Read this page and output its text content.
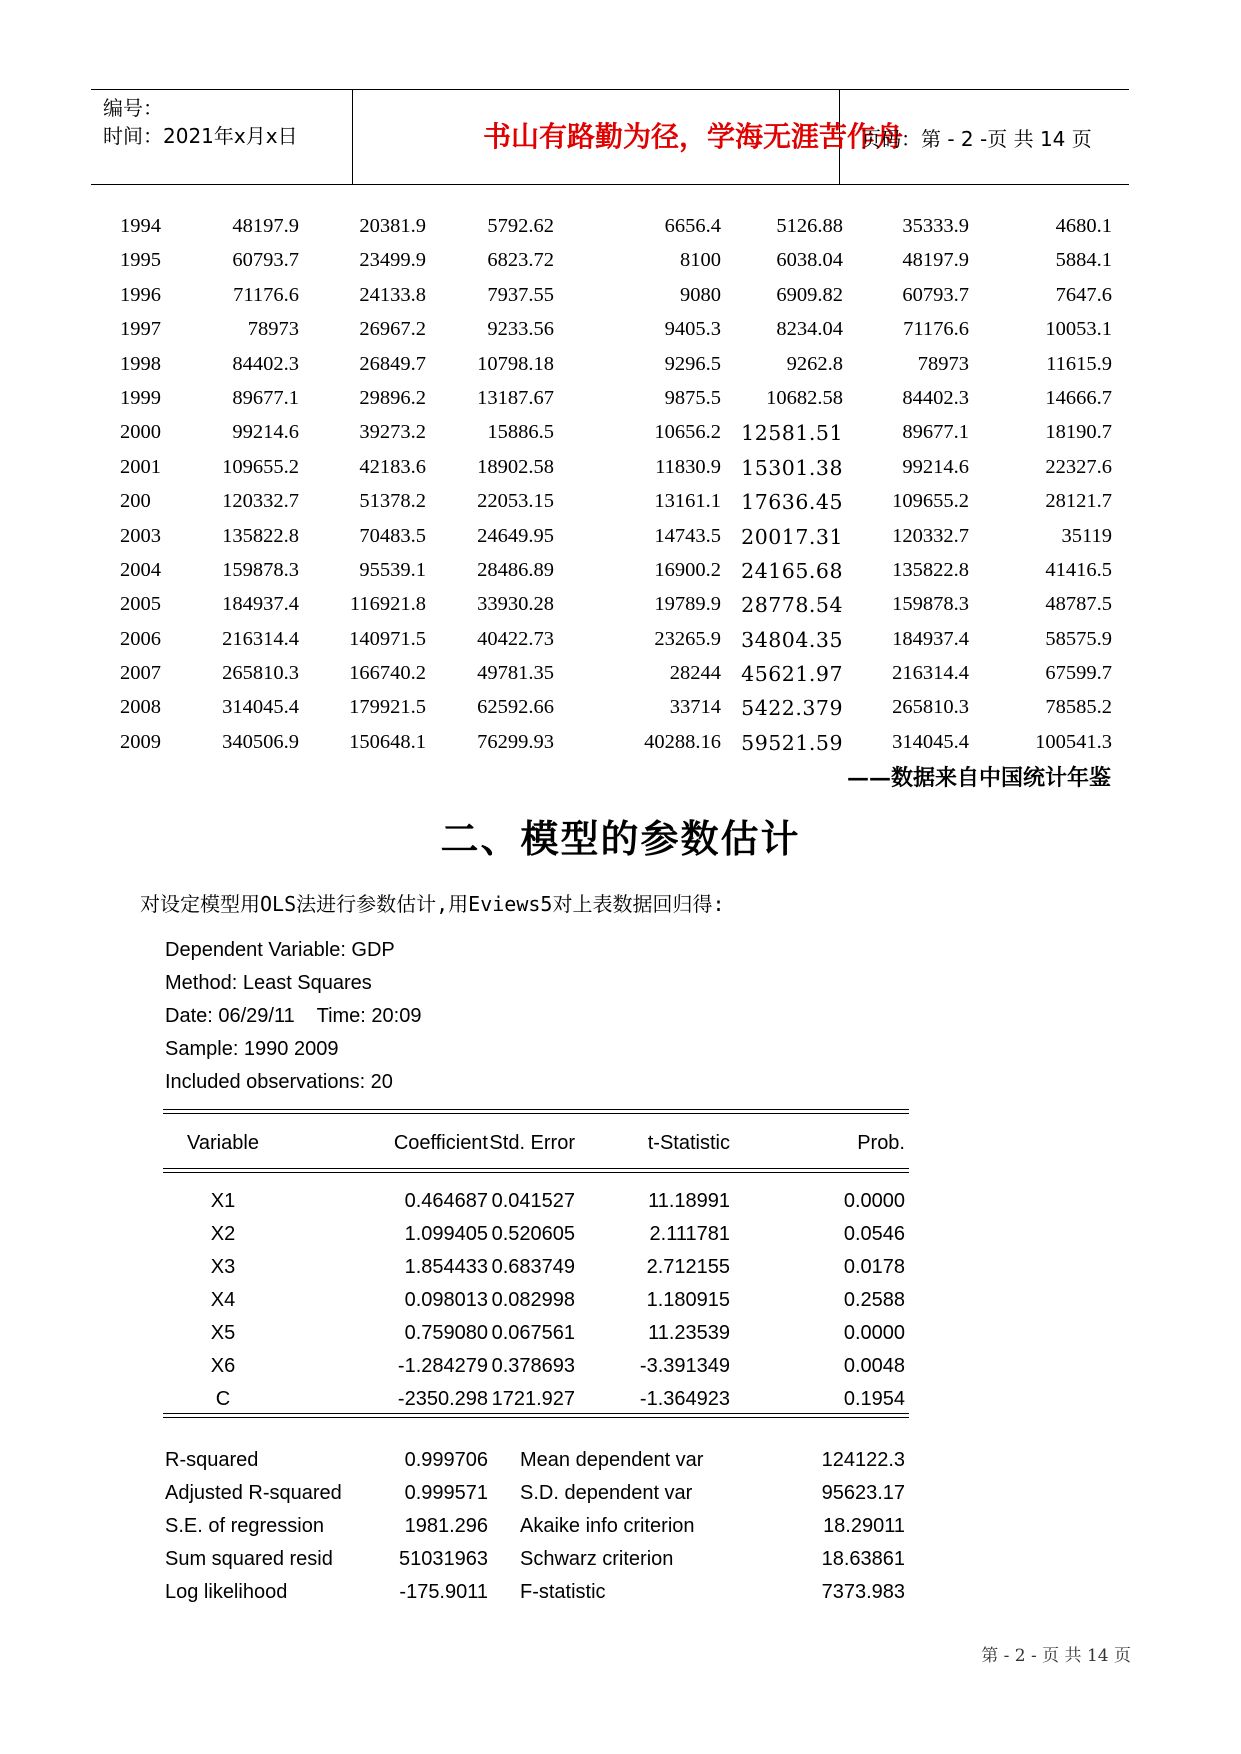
编号：
时间：2021年x月x日	书山有路勤为径，学海无涯苦作舟
页码：第 - 2 -页 共 14 页
1994	48197.9	20381.9	5792.62	6656.4	5126.88	35333.9	4680.1
1995	60793.7	23499.9	6823.72	8100	6038.04	48197.9	5884.1
1996	71176.6	24133.8	7937.55	9080	6909.82	60793.7	7647.6
1997	78973	26967.2	9233.56	9405.3	8234.04	71176.6	10053.1
1998	84402.3	26849.7 10798.18	9296.5	9262.8	78973	11615.9
1999	89677.1	29896.2 13187.67	9875.5 10682.58	84402.3	14666.7
2000	99214.6	39273.2	15886.5	10656.2 12581.51	89677.1	18190.7
2001	109655.2	42183.6 18902.58	11830.9 15301.38	99214.6	22327.6
200	120332.7	51378.2 22053.15	13161.1 17636.45 109655.2	28121.7
2003	135822.8	70483.5 24649.95	14743.5 20017.31 120332.7	35119
2004	159878.3	95539.1 28486.89	16900.2 24165.68 135822.8	41416.5
2005	184937.4 116921.8 33930.28	19789.9 28778.54 159878.3	48787.5
2006	216314.4 140971.5 40422.73	23265.9 34804.35 184937.4	58575.9
2007	265810.3 166740.2 49781.35	28244 45621.97 216314.4	67599.7
2008	314045.4 179921.5 62592.66	33714 5422.379 265810.3	78585.2
2009	340506.9 150648.1 76299.93	40288.16 59521.59 314045.4	100541.3
——数据来自中国统计年鉴
二、模型的参数估计
对设定模型用OLS法进行参数估计,用Eviews5对上表数据回归得:
Dependent Variable: GDP
Method: Least Squares
Date: 06/29/11    Time: 20:09
Sample: 1990 2009
Included observations: 20
Variable	Coefficient Std. Error	t-Statistic	Prob.
X1	0.464687 0.041527	11.18991	0.0000
X2	1.099405 0.520605	2.111781	0.0546
X3	1.854433 0.683749	2.712155	0.0178
X4	0.098013 0.082998	1.180915	0.2588
X5	0.759080 0.067561	11.23539	0.0000
X6	-1.284279 0.378693	-3.391349	0.0048
C	-2350.298 1721.927	-1.364923	0.1954
R-squared	0.999706 Mean dependent var	124122.3
Adjusted R-squared	0.999571 S.D. dependent var	95623.17
S.E. of regression	1981.296 Akaike info criterion	18.29011
Sum squared resid	51031963 Schwarz criterion	18.63861
Log likelihood	-175.9011 F-statistic	7373.983
第 - 2 - 页 共 14 页
